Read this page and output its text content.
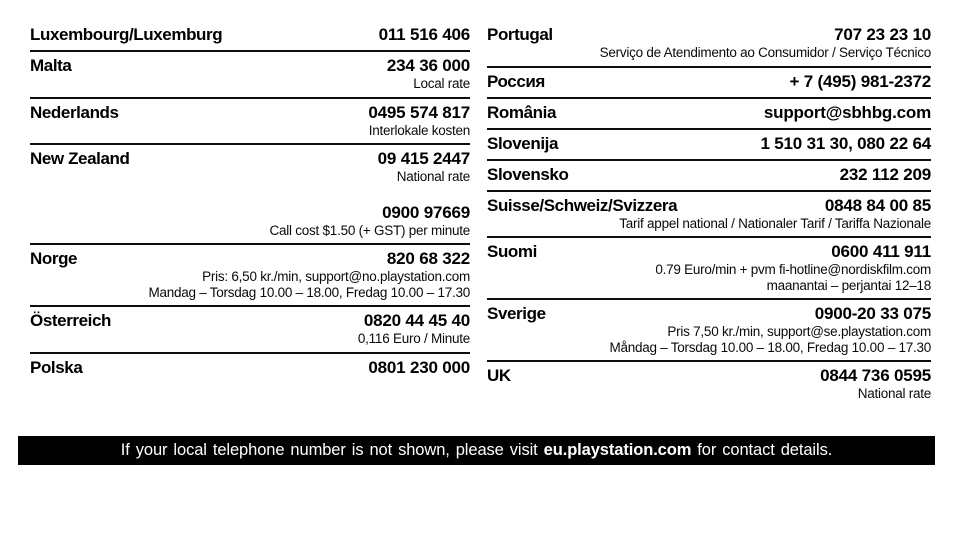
Luxembourg/Luxemburg	011 516 406
Malta	234 36 000
Local rate
Nederlands	0495 574 817
Interlokale kosten
New Zealand	09 415 2447
National rate
0900 97669
Call cost $1.50 (+ GST) per minute
Norge	820 68 322
Pris: 6,50 kr./min, support@no.playstation.com
Mandag – Torsdag 10.00 – 18.00, Fredag 10.00 – 17.30
Österreich	0820 44 45 40
0,116 Euro / Minute
Polska	0801 230 000
Portugal	707 23 23 10
Serviço de Atendimento ao Consumidor / Serviço Técnico
Россия	+ 7 (495) 981-2372
România	support@sbhbg.com
Slovenija	1 510 31 30, 080 22 64
Slovensko	232 112 209
Suisse/Schweiz/Svizzera	0848 84 00 85
Tarif appel national / Nationaler Tarif / Tariffa Nazionale
Suomi	0600 411 911
0.79 Euro/min + pvm fi-hotline@nordiskfilm.com
maanantai – perjantai 12–18
Sverige	0900-20 33 075
Pris 7,50 kr./min, support@se.playstation.com
Måndag – Torsdag 10.00 – 18.00, Fredag 10.00 – 17.30
UK	0844 736 0595
National rate
If your local telephone number is not shown, please visit eu.playstation.com for contact details.
